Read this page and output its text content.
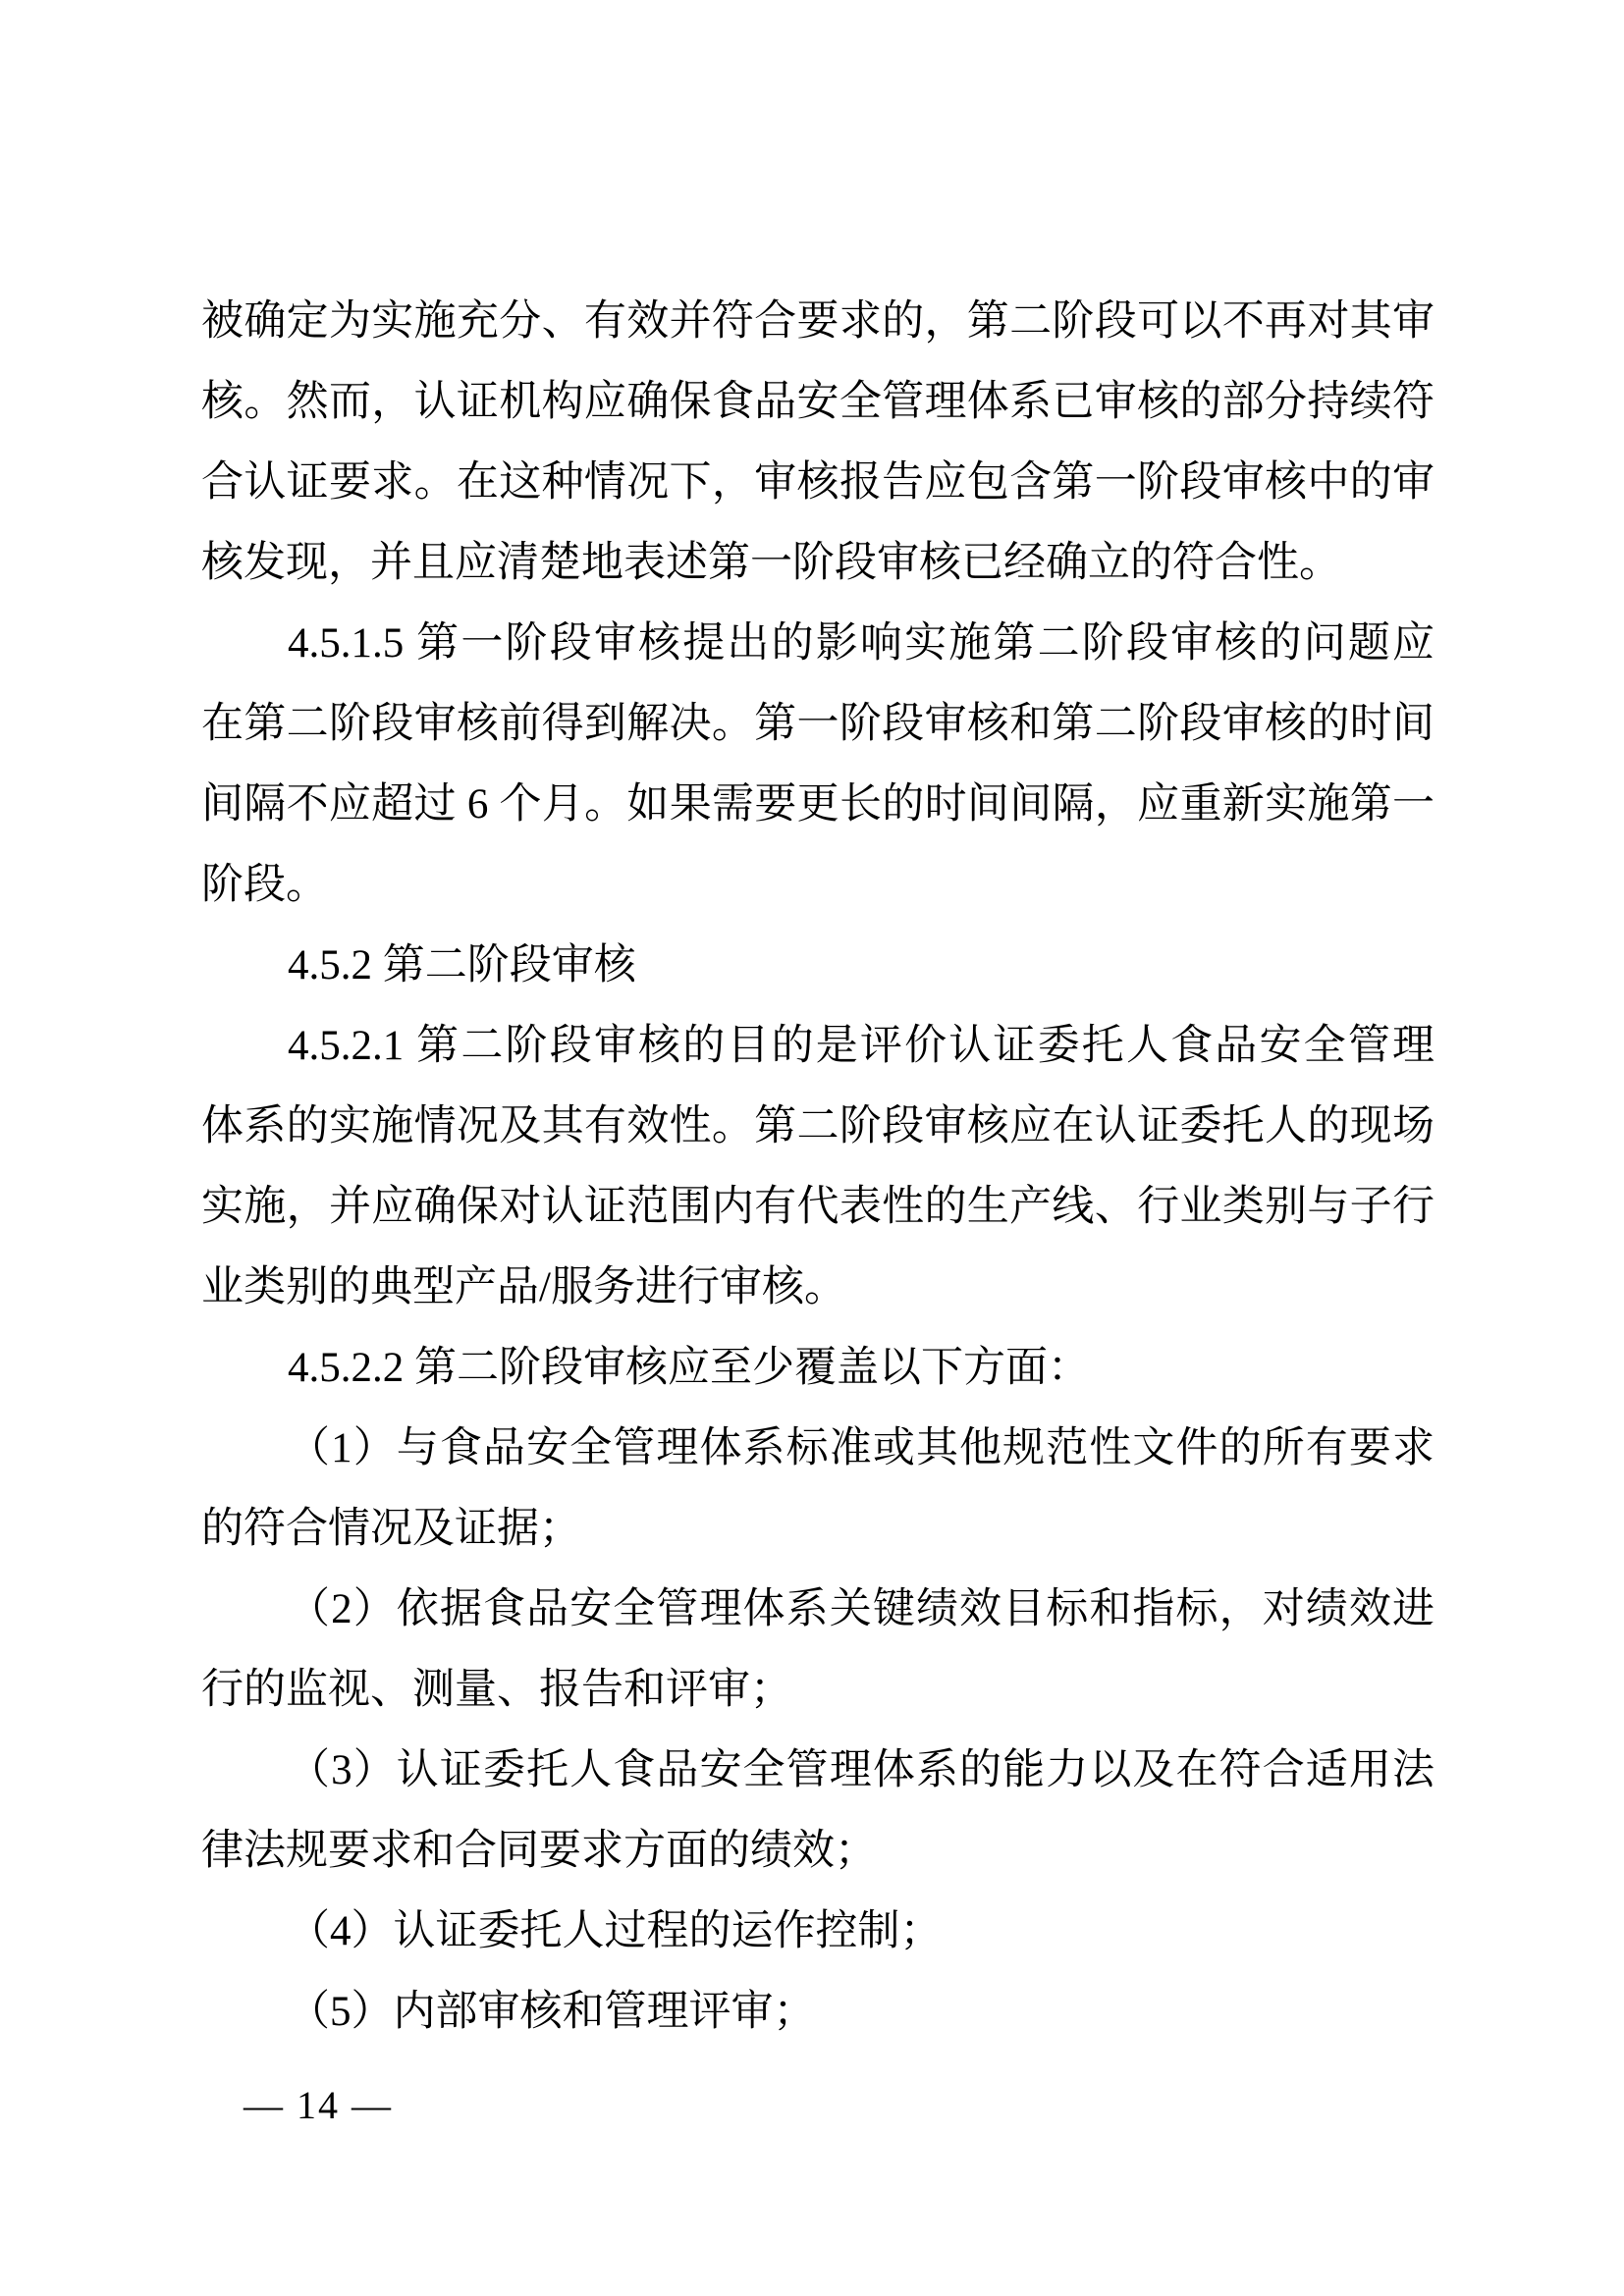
被确定为实施充分、有效并符合要求的，第二阶段可以不再对其审
核。然而，认证机构应确保食品安全管理体系已审核的部分持续符
合认证要求。在这种情况下，审核报告应包含第一阶段审核中的审
核发现，并且应清楚地表述第一阶段审核已经确立的符合性。
4.5.1.5 第一阶段审核提出的影响实施第二阶段审核的问题应
在第二阶段审核前得到解决。第一阶段审核和第二阶段审核的时间
间隔不应超过 6 个月。如果需要更长的时间间隔，应重新实施第一
阶段。
4.5.2 第二阶段审核
4.5.2.1 第二阶段审核的目的是评价认证委托人食品安全管理
体系的实施情况及其有效性。第二阶段审核应在认证委托人的现场
实施，并应确保对认证范围内有代表性的生产线、行业类别与子行
业类别的典型产品/服务进行审核。
4.5.2.2 第二阶段审核应至少覆盖以下方面：
（1）与食品安全管理体系标准或其他规范性文件的所有要求
的符合情况及证据；
（2）依据食品安全管理体系关键绩效目标和指标，对绩效进
行的监视、测量、报告和评审；
（3）认证委托人食品安全管理体系的能力以及在符合适用法
律法规要求和合同要求方面的绩效；
（4）认证委托人过程的运作控制；
（5）内部审核和管理评审；
— 14 —
